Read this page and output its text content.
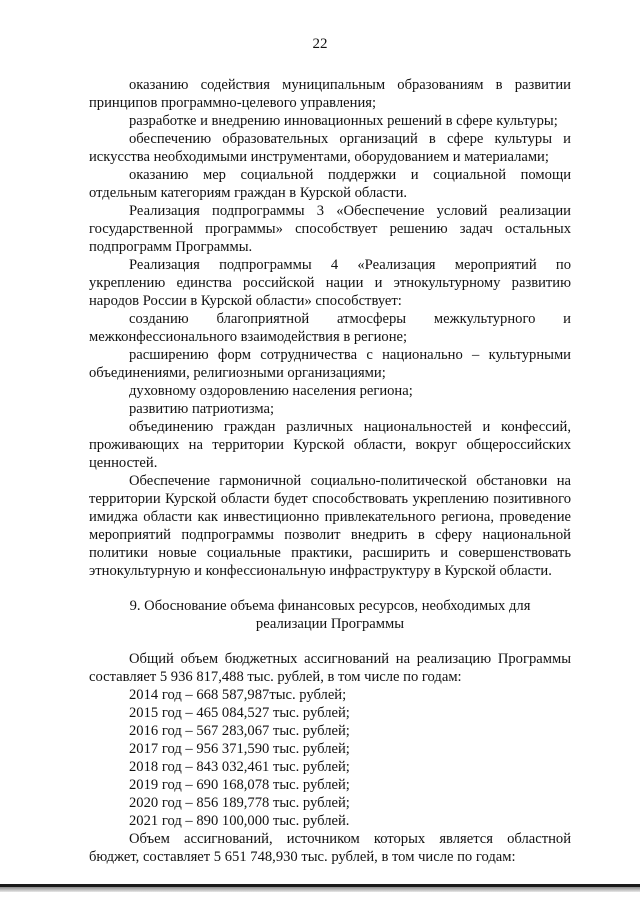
22

оказанию содействия муниципальным образованиям в развитии принципов программно-целевого управления;

разработке и внедрению инновационных решений в сфере культуры;

обеспечению образовательных организаций в сфере культуры и искусства необходимыми инструментами, оборудованием и материалами;

оказанию мер социальной поддержки и социальной помощи отдельным категориям граждан в Курской области.

Реализация подпрограммы 3 «Обеспечение условий реализации государственной программы» способствует решению задач остальных подпрограмм Программы.

Реализация подпрограммы 4 «Реализация мероприятий по укреплению единства российской нации и этнокультурному развитию народов России в Курской области» способствует:

созданию благоприятной атмосферы межкультурного и межконфессионального взаимодействия в регионе;

расширению форм сотрудничества с национально – культурными объединениями, религиозными организациями;

духовному оздоровлению населения региона;

развитию патриотизма;

объединению граждан различных национальностей и конфессий, проживающих на территории Курской области, вокруг общероссийских ценностей.

Обеспечение гармоничной социально-политической обстановки на территории Курской области будет способствовать укреплению позитивного имиджа области как инвестиционно привлекательного региона, проведение мероприятий подпрограммы позволит внедрить в сферу национальной политики новые социальные практики, расширить и совершенствовать этнокультурную и конфессиональную инфраструктуру в Курской области.

9. Обоснование объема финансовых ресурсов, необходимых для реализации Программы

Общий объем бюджетных ассигнований на реализацию Программы составляет 5 936 817,488 тыс. рублей, в том числе по годам:

2014 год – 668 587,987тыс. рублей;

2015 год – 465 084,527 тыс. рублей;

2016 год – 567 283,067 тыс. рублей;

2017 год – 956 371,590 тыс. рублей;

2018 год – 843 032,461 тыс. рублей;

2019 год – 690 168,078 тыс. рублей;

2020 год – 856 189,778 тыс. рублей;

2021 год – 890 100,000 тыс. рублей.

Объем ассигнований, источником которых является областной бюджет, составляет 5 651 748,930 тыс. рублей, в том числе по годам:
